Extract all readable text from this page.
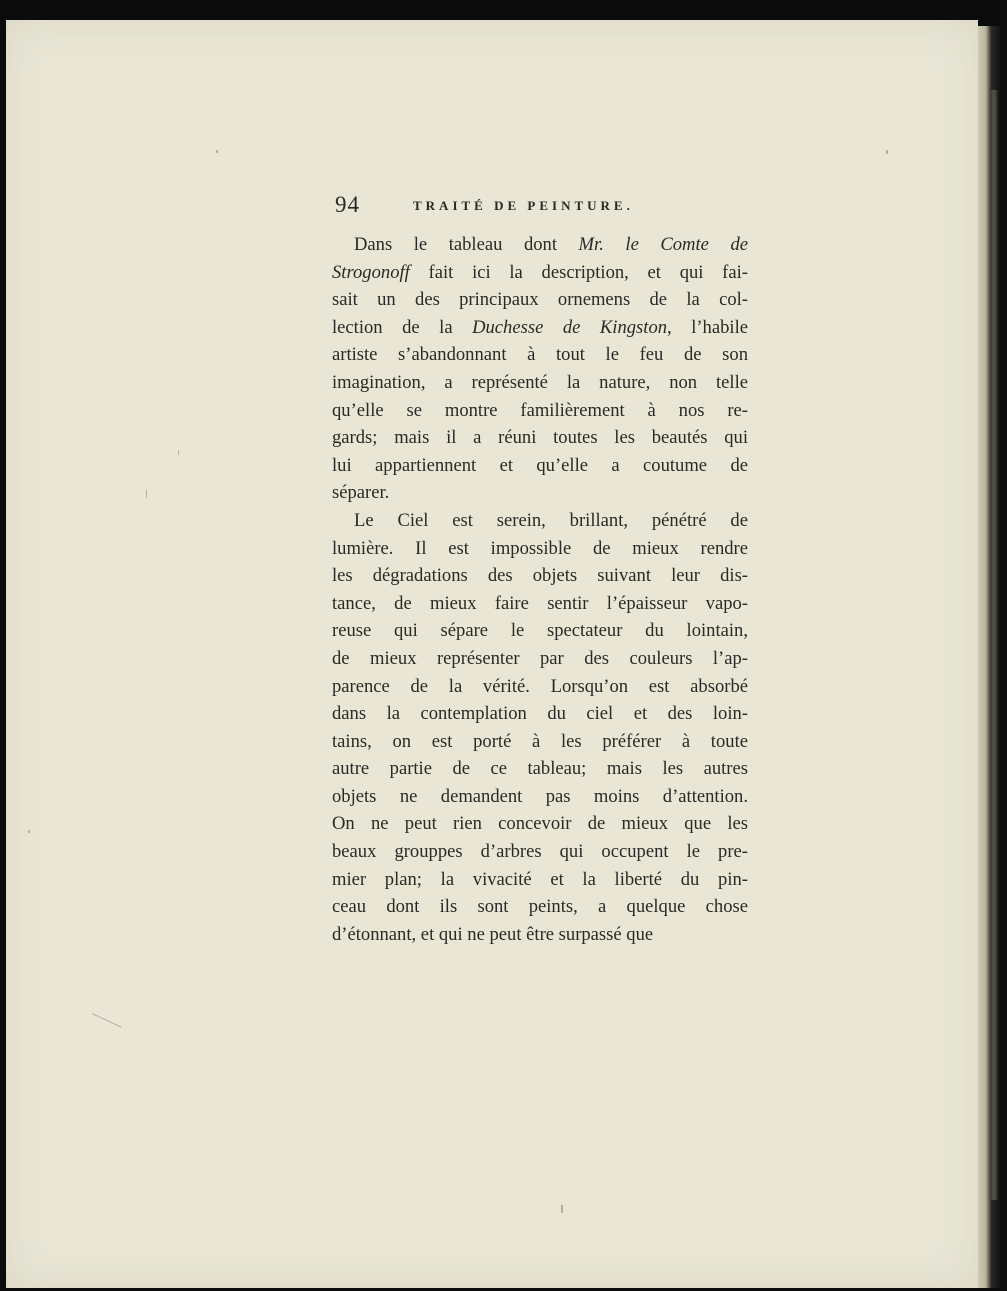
94	TRAITÉ DE PEINTURE.
Dans le tableau dont Mr. le Comte de
Strogonoff fait ici la description, et qui fai-
sait un des principaux ornemens de la col-
lection de la Duchesse de Kingston, l’habile
artiste s’abandonnant à tout le feu de son
imagination, a représenté la nature, non telle
qu’elle se montre familièrement à nos re-
gards; mais il a réuni toutes les beautés qui
lui appartiennent et qu’elle a coutume de
séparer.
Le Ciel est serein, brillant, pénétré de
lumière. Il est impossible de mieux rendre
les dégradations des objets suivant leur dis-
tance, de mieux faire sentir l’épaisseur vapo-
reuse qui sépare le spectateur du lointain,
de mieux représenter par des couleurs l’ap-
parence de la vérité. Lorsqu’on est absorbé
dans la contemplation du ciel et des loin-
tains, on est porté à les préférer à toute
autre partie de ce tableau; mais les autres
objets ne demandent pas moins d’attention.
On ne peut rien concevoir de mieux que les
beaux grouppes d’arbres qui occupent le pre-
mier plan; la vivacité et la liberté du pin-
ceau dont ils sont peints, a quelque chose
d’étonnant, et qui ne peut être surpassé que
